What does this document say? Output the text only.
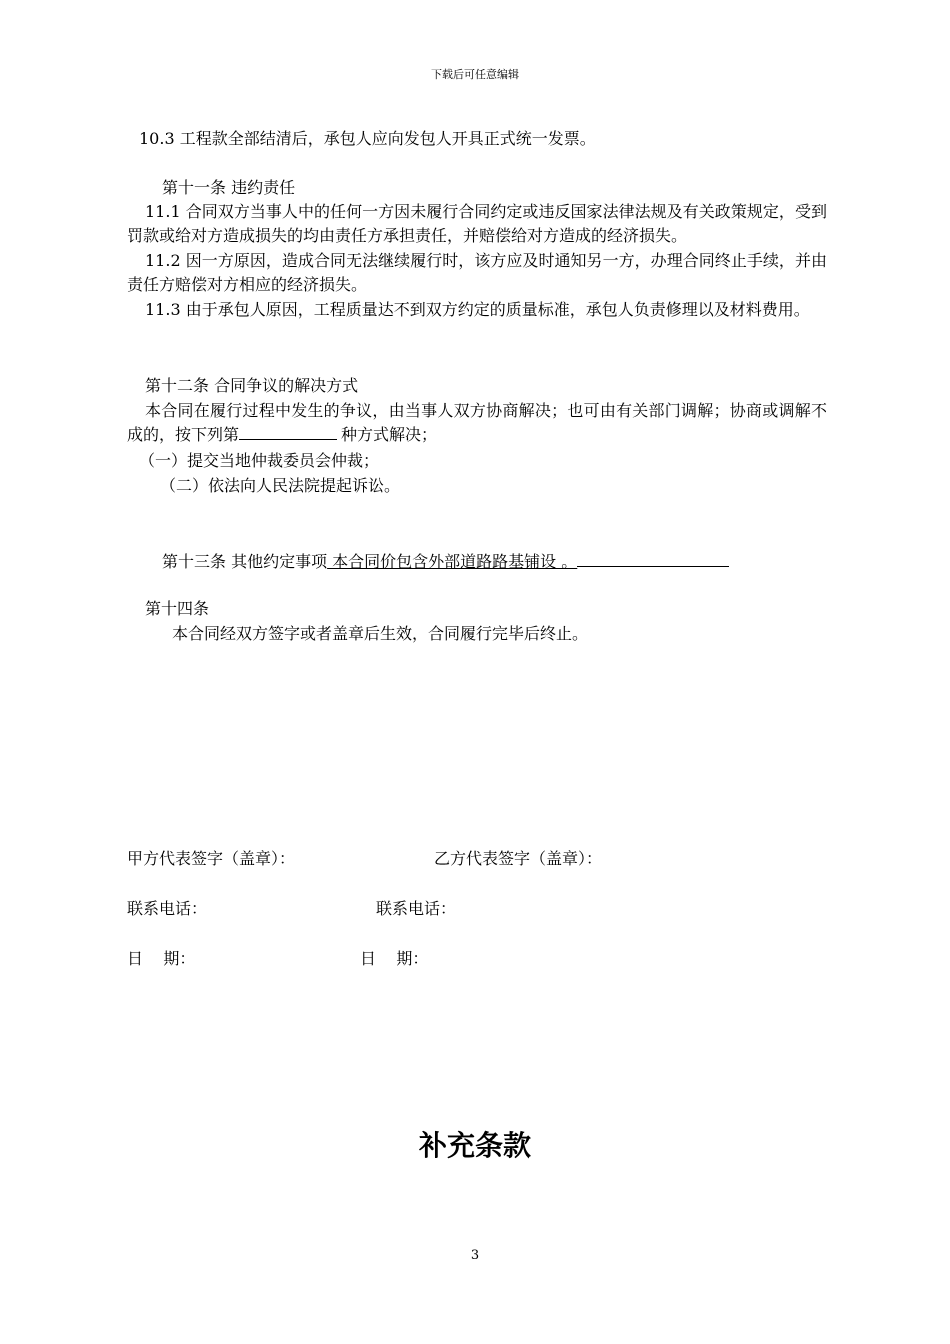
下载后可任意编辑
10.3 工程款全部结清后，承包人应向发包人开具正式统一发票。
第十一条 违约责任
11.1 合同双方当事人中的任何一方因未履行合同约定或违反国家法律法规及有关政策规定，受到罚款或给对方造成损失的均由责任方承担责任，并赔偿给对方造成的经济损失。
11.2 因一方原因，造成合同无法继续履行时，该方应及时通知另一方，办理合同终止手续，并由责任方赔偿对方相应的经济损失。
11.3 由于承包人原因，工程质量达不到双方约定的质量标准，承包人负责修理以及材料费用。
第十二条 合同争议的解决方式
本合同在履行过程中发生的争议，由当事人双方协商解决；也可由有关部门调解；协商或调解不成的，按下列第	种方式解决；
（一）提交当地仲裁委员会仲裁；
（二）依法向人民法院提起诉讼。
第十三条 其他约定事项 本合同价包含外部道路路基铺设 。
第十四条
本合同经双方签字或者盖章后生效，合同履行完毕后终止。
甲方代表签字（盖章）：	乙方代表签字（盖章）：
联系电话：	联系电话：
日    期：	日    期：
补充条款
3
